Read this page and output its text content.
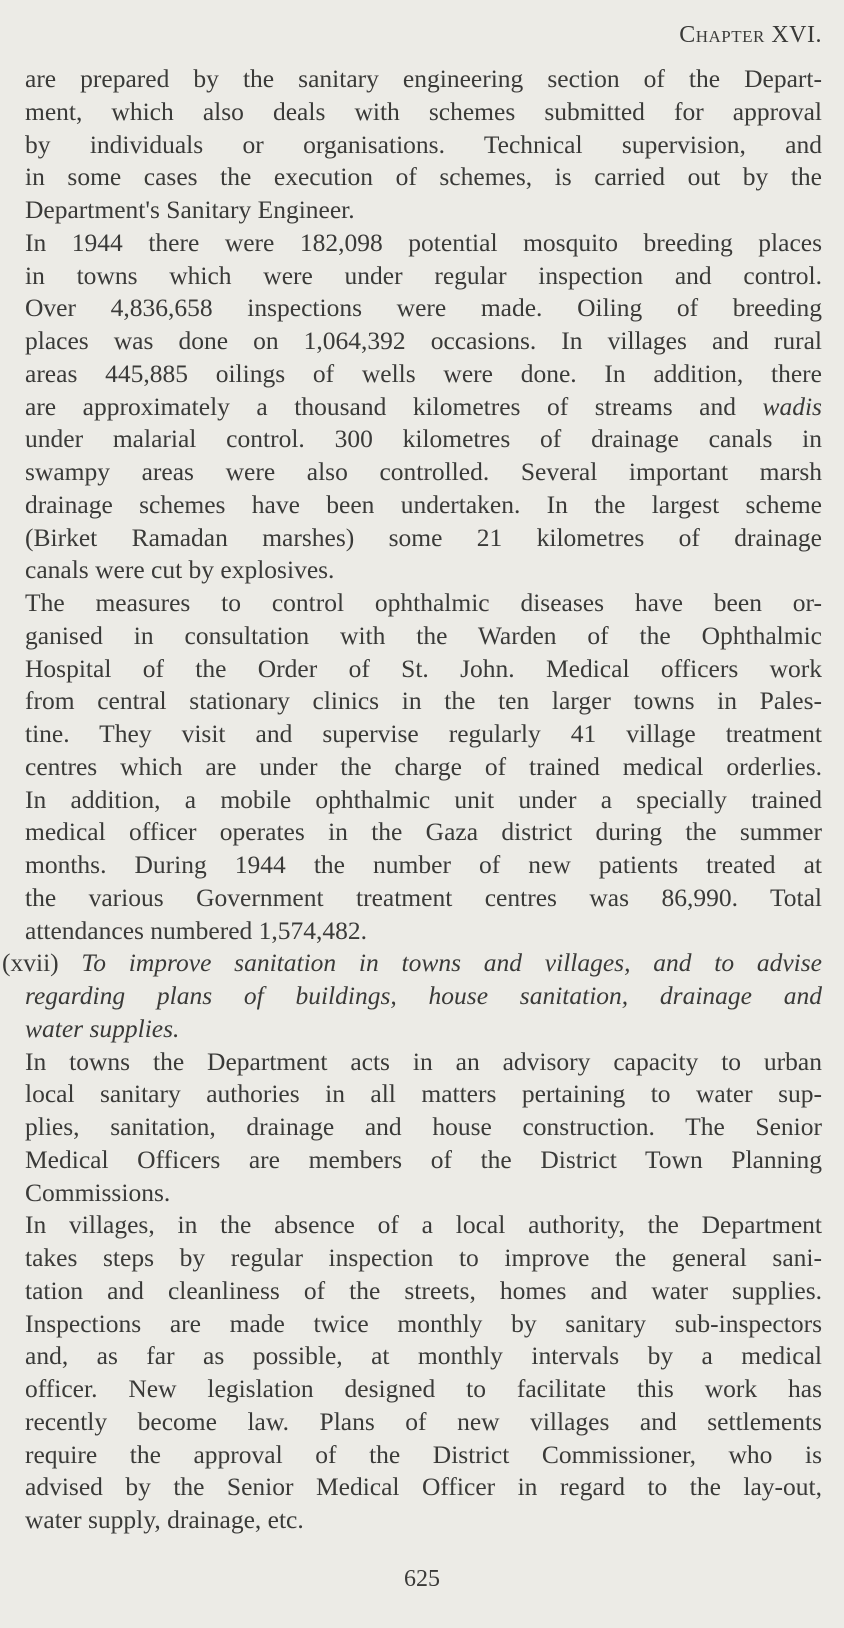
Chapter XVI.
are prepared by the sanitary engineering section of the Depart-
ment, which also deals with schemes submitted for approval
by individuals or organisations. Technical supervision, and
in some cases the execution of schemes, is carried out by the
Department's Sanitary Engineer.
In 1944 there were 182,098 potential mosquito breeding places
in towns which were under regular inspection and control.
Over 4,836,658 inspections were made. Oiling of breeding
places was done on 1,064,392 occasions. In villages and rural
areas 445,885 oilings of wells were done. In addition, there
are approximately a thousand kilometres of streams and wadis
under malarial control. 300 kilometres of drainage canals in
swampy areas were also controlled. Several important marsh
drainage schemes have been undertaken. In the largest scheme
(Birket Ramadan marshes) some 21 kilometres of drainage
canals were cut by explosives.
The measures to control ophthalmic diseases have been or-
ganised in consultation with the Warden of the Ophthalmic
Hospital of the Order of St. John. Medical officers work
from central stationary clinics in the ten larger towns in Pales-
tine. They visit and supervise regularly 41 village treatment
centres which are under the charge of trained medical orderlies.
In addition, a mobile ophthalmic unit under a specially trained
medical officer operates in the Gaza district during the summer
months. During 1944 the number of new patients treated at
the various Government treatment centres was 86,990. Total
attendances numbered 1,574,482.
(xvii) To improve sanitation in towns and villages, and to advise
regarding plans of buildings, house sanitation, drainage and
water supplies.
In towns the Department acts in an advisory capacity to urban
local sanitary authories in all matters pertaining to water sup-
plies, sanitation, drainage and house construction. The Senior
Medical Officers are members of the District Town Planning
Commissions.
In villages, in the absence of a local authority, the Department
takes steps by regular inspection to improve the general sani-
tation and cleanliness of the streets, homes and water supplies.
Inspections are made twice monthly by sanitary sub-inspectors
and, as far as possible, at monthly intervals by a medical
officer. New legislation designed to facilitate this work has
recently become law. Plans of new villages and settlements
require the approval of the District Commissioner, who is
advised by the Senior Medical Officer in regard to the lay-out,
water supply, drainage, etc.
625
